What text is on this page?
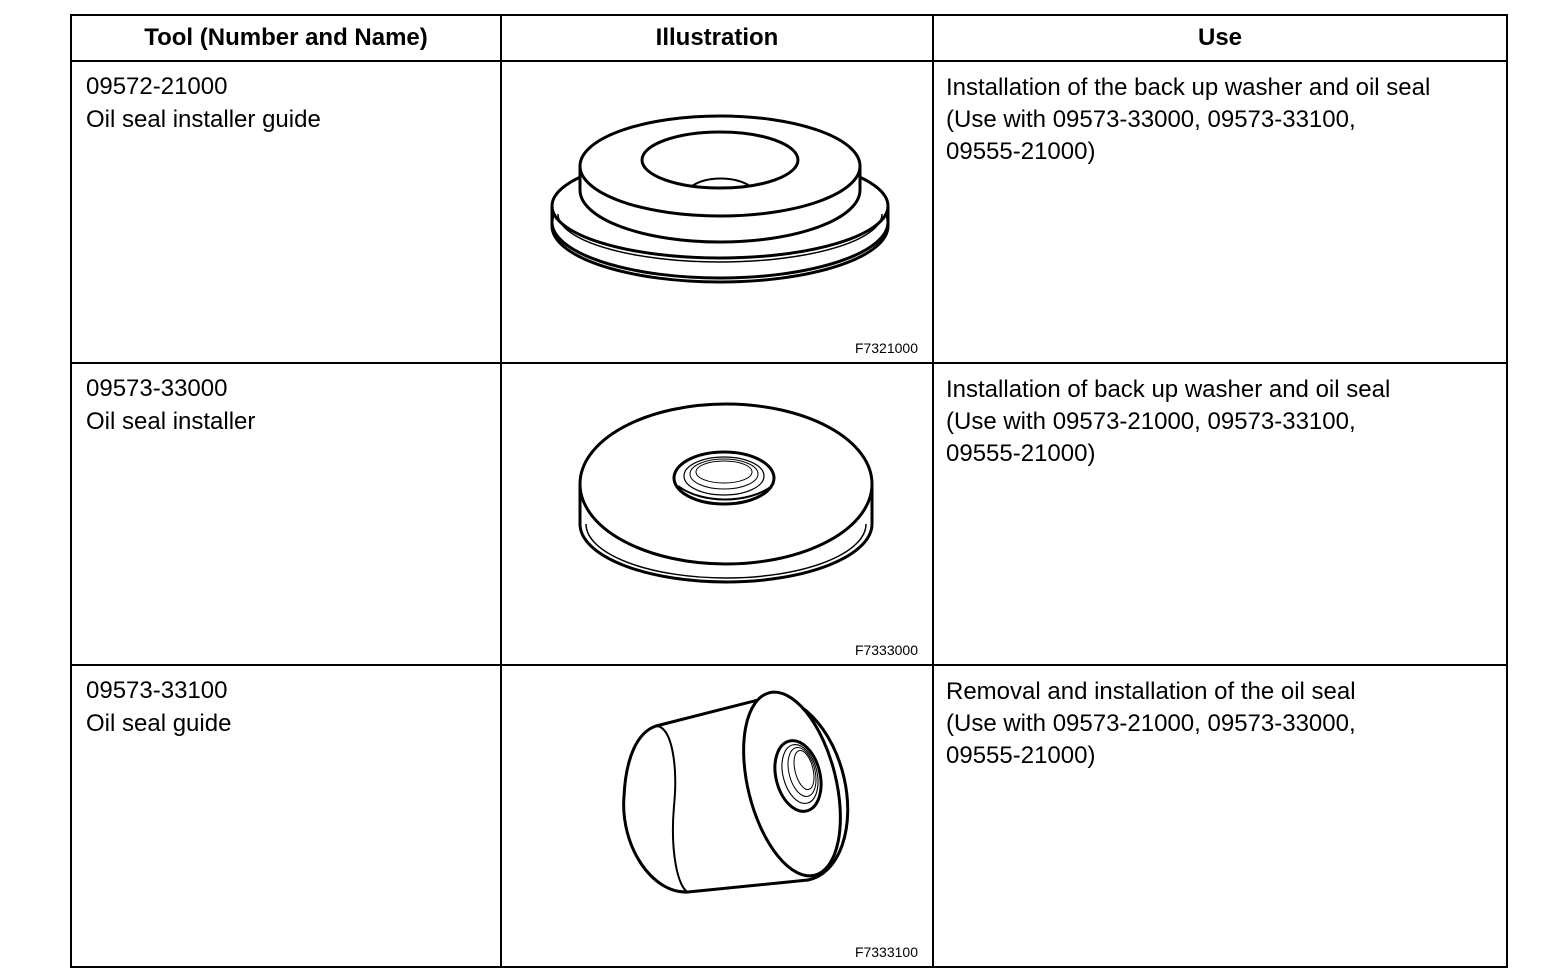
Tool (Number and Name)	Illustration	Use

09572-21000
Oil seal installer guide	F7321000	Installation of the back up washer and oil seal
(Use with 09573-33000, 09573-33100,
09555-21000)

09573-33000
Oil seal installer	F7333000	Installation of back up washer and oil seal
(Use with 09573-21000, 09573-33100,
09555-21000)

09573-33100
Oil seal guide	F7333100	Removal and installation of the oil seal
(Use with 09573-21000, 09573-33000,
09555-21000)
